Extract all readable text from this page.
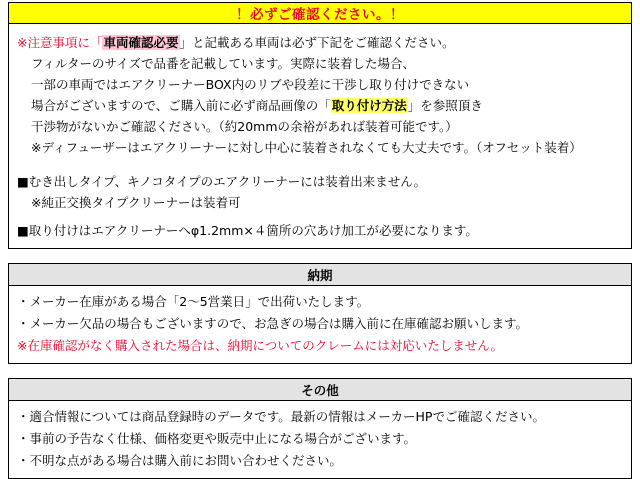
！必ずご確認ください。！
※注意事項に「車両確認必要」と記載ある車両は必ず下記をご確認ください。
フィルターのサイズで品番を記載しています。実際に装着した場合、
一部の車両ではエアクリーナーBOX内のリブや段差に干渉し取り付けできない
場合がございますので、ご購入前に必ず商品画像の「取り付け方法」を参照頂き
干渉物がないかご確認ください。（約20mmの余裕があれば装着可能です。）
※ディフューザーはエアクリーナーに対し中心に装着されなくても大丈夫です。（オフセット装着）
■むき出しタイプ、キノコタイプのエアクリーナーには装着出来ません。
※純正交換タイプクリーナーは装着可
■取り付けはエアクリーナーへφ1.2mm×４箇所の穴あけ加工が必要になります。
納期
・メーカー在庫がある場合「2～5営業日」で出荷いたします。
・メーカー欠品の場合もございますので、お急ぎの場合は購入前に在庫確認お願いします。
※在庫確認がなく購入された場合は、納期についてのクレームには対応いたしません。
その他
・適合情報については商品登録時のデータです。最新の情報はメーカーHPでご確認ください。
・事前の予告なく仕様、価格変更や販売中止になる場合がございます。
・不明な点がある場合は購入前にお問い合わせください。
